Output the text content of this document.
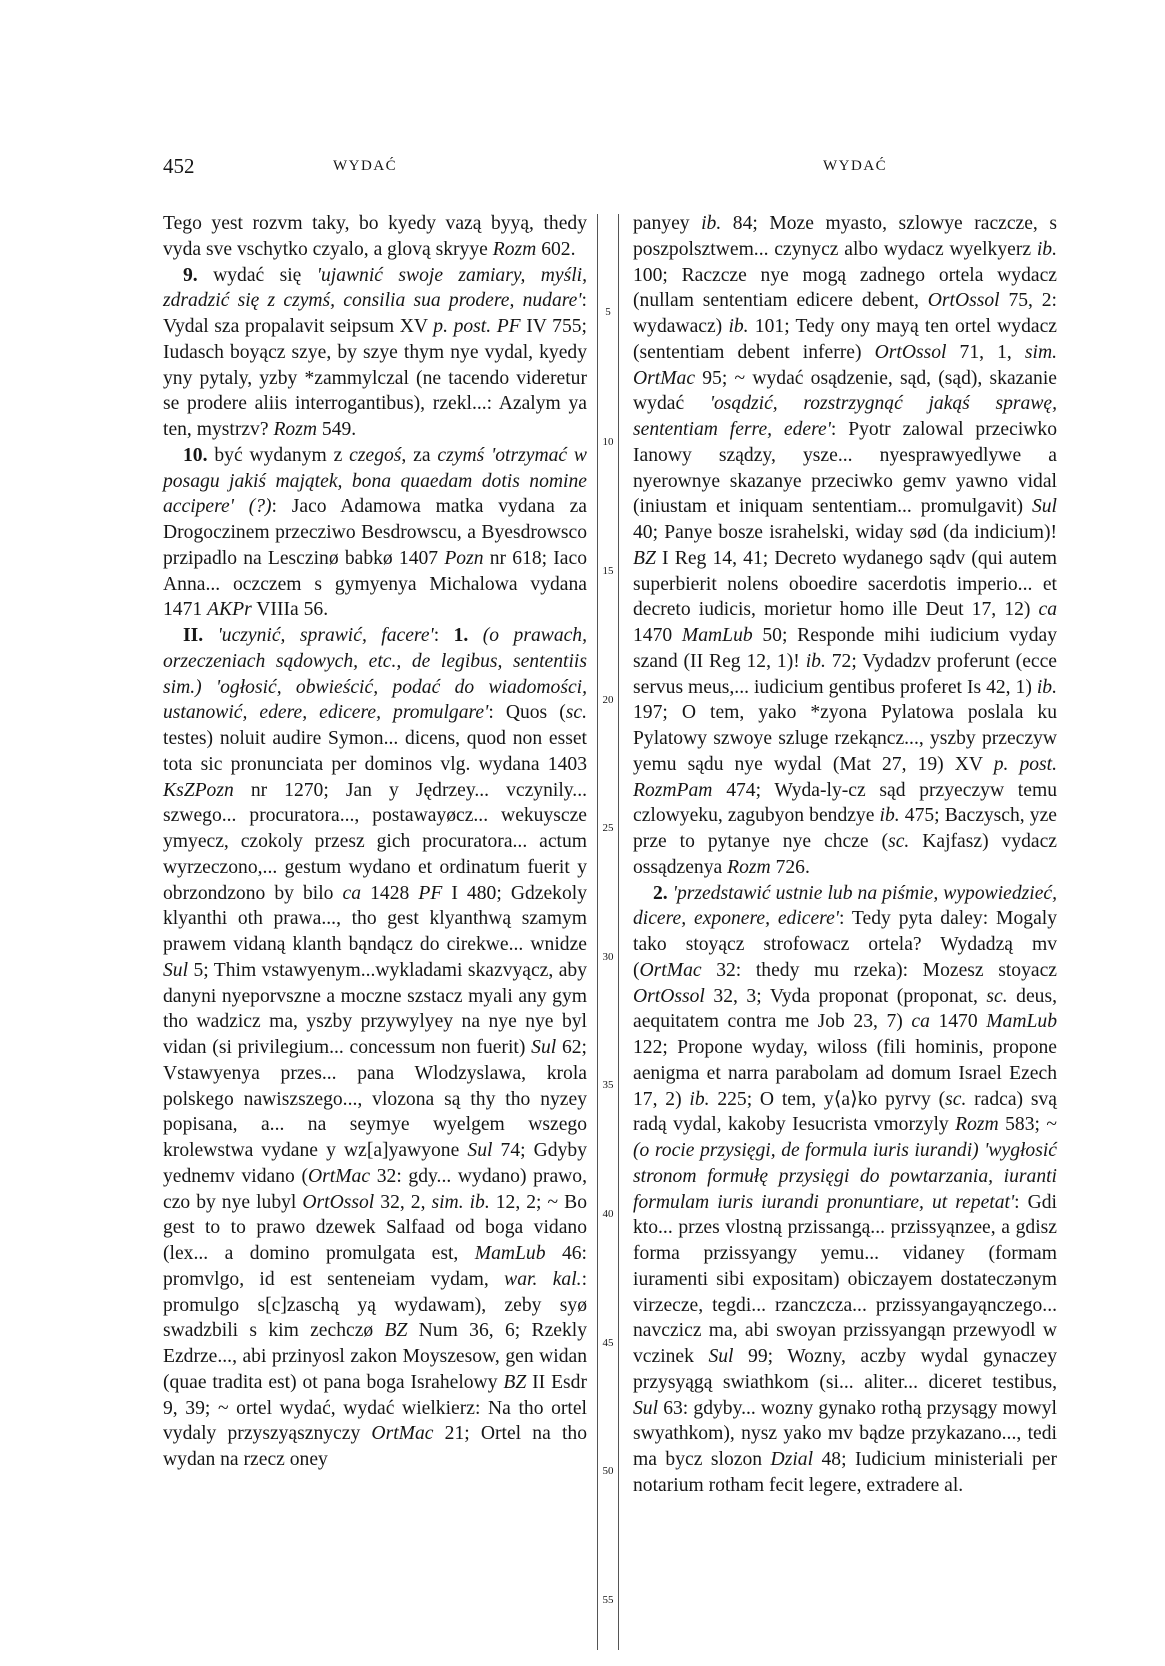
452	WYDAĆ	WYDAĆ

Tego yest rozvm taky, bo kyedy vazą byyą, thedy vyda sve vschytko czyalo, a glovą skryye Rozm 602.

9. wydać się 'ujawnić swoje zamiary, myśli, zdradzić się z czymś, consilia sua prodere, nudare': Vydal sza propalavit seipsum XV p. post. PF IV 755; Iudasch boyącz szye, by szye thym nye vydal, kyedy yny pytaly, yzby *zammylczal (ne tacendo videretur se prodere aliis interrogantibus), rzekl...: Azalym ya ten, mystrzv? Rozm 549.

10. być wydanym z czegoś, za czymś 'otrzymać w posagu jakiś majątek, bona quaedam dotis nomine accipere' (?): Jaco Adamowa matka vydana za Drogoczinem przecziwo Besdrowscu, a Byesdrowsco przipadlo na Lesczinø babkø 1407 Pozn nr 618; Iaco Anna... oczczem s gymyenya Michalowa vydana 1471 AKPr VIIIa 56.

II. 'uczynić, sprawić, facere': 1. (o prawach, orzeczeniach sądowych, etc., de legibus, sententiis sim.) 'ogłosić, obwieścić, podać do wiadomości, ustanowić, edere, edicere, promulgare': Quos (sc. testes) noluit audire Symon... dicens, quod non esset tota sic pronunciata per dominos vlg. wydana 1403 KsZPozn nr 1270; Jan y Jędrzey... vczynily... szwego... procuratora..., postawayøcz... wekuyscze ymyecz, czokoly przesz gich procuratora... actum wyrzeczono,... gestum wydano et ordinatum fuerit y obrzondzono by bilo ca 1428 PF I 480; Gdzekoly klyanthi oth prawa..., tho gest klyanthwą szamym prawem vidaną klanth bąndącz do cirekwe... wnidze Sul 5; Thim vstawyenym...wykladami skazvyącz, aby danyni nyeporvszne a moczne szstacz myali any gym tho wadzicz ma, yszby przywylyey na nye nye byl vidan (si privilegium... concessum non fuerit) Sul 62; Vstawyenya przes... pana Wlodzyslawa, krola polskego nawiszszego..., vlozona są thy tho nyzey popisana, a... na seymye wyelgem wszego krolewstwa vydane y wz[a]yawyone Sul 74; Gdyby yednemv vidano (OrtMac 32: gdy... wydano) prawo, czo by nye lubyl OrtOssol 32, 2, sim. ib. 12, 2; ~ Bo gest to to prawo dzewek Salfaad od boga vidano (lex... a domino promulgata est, MamLub 46: promvlgo, id est senteneiam vydam, war. kal.: promulgo s[c]zaschą yą wydawam), zeby syø swadzbili s kim zechczø BZ Num 36, 6; Rzekly Ezdrze..., abi przinyosl zakon Moyszesow, gen widan (quae tradita est) ot pana boga Israhelowy BZ II Esdr 9, 39; ~ ortel wydać, wydać wielkierz: Na tho ortel vydaly przyszyąsznyczy OrtMac 21; Ortel na tho wydan na rzecz oney

5
10
15
20
25
30
35
40
45
50
55

panyey ib. 84; Moze myasto, szlowye raczcze, s poszpolsztwem... czynycz albo wydacz wyelkyerz ib. 100; Raczcze nye mogą zadnego ortela wydacz (nullam sententiam edicere debent, OrtOssol 75, 2: wydawacz) ib. 101; Tedy ony mayą ten ortel wydacz (sententiam debent inferre) OrtOssol 71, 1, sim. OrtMac 95; ~ wydać osądzenie, sąd, (sąd), skazanie wydać 'osądzić, rozstrzygnąć jakąś sprawę, sententiam ferre, edere': Pyotr zalowal przeciwko Ianowy sządzy, ysze... nyesprawyedlywe a nyerownye skazanye przeciwko gemv yawno vidal (iniustam et iniquam sententiam... promulgavit) Sul 40; Panye bosze israhelski, widay sød (da indicium)! BZ I Reg 14, 41; Decreto wydanego sądv (qui autem superbierit nolens oboedire sacerdotis imperio... et decreto iudicis, morietur homo ille Deut 17, 12) ca 1470 MamLub 50; Responde mihi iudicium vyday szand (II Reg 12, 1)! ib. 72; Vydadzv proferunt (ecce servus meus,... iudicium gentibus proferet Is 42, 1) ib. 197; O tem, yako *zyona Pylatowa poslala ku Pylatowy szwoye szluge rzekąncz..., yszby przeczyw yemu sądu nye wydal (Mat 27, 19) XV p. post. RozmPam 474; Wyda-ly-cz sąd przyeczyw temu czlowyeku, zagubyon bendzye ib. 475; Baczysch, yze prze to pytanye nye chcze (sc. Kajfasz) vydacz ossądzenya Rozm 726.

2. 'przedstawić ustnie lub na piśmie, wypowiedzieć, dicere, exponere, edicere': Tedy pyta daley: Mogaly tako stoyącz strofowacz ortela? Wydadzą mv (OrtMac 32: thedy mu rzeka): Mozesz stoyacz OrtOssol 32, 3; Vyda proponat (proponat, sc. deus, aequitatem contra me Job 23, 7) ca 1470 MamLub 122; Propone wyday, wiloss (fili hominis, propone aenigma et narra parabolam ad domum Israel Ezech 17, 2) ib. 225; O tem, y⟨a⟩ko pyrvy (sc. radca) svą radą vydal, kakoby Iesucrista vmorzyly Rozm 583; ~ (o rocie przysięgi, de formula iuris iurandi) 'wygłosić stronom formułę przysięgi do powtarzania, iuranti formulam iuris iurandi pronuntiare, ut repetat': Gdi kto... przes vlostną przissangą... przissyąnzee, a gdisz forma przissyangy yemu... vidaney (formam iuramenti sibi expositam) obiczayem dostateczənym virzecze, tegdi... rzanczcza... przissyangayąnczego... navczicz ma, abi swoyan przissyangąn przewyodl w vczinek Sul 99; Wozny, aczby wydal gynaczey przysyągą swiathkom (si... aliter... diceret testibus, Sul 63: gdyby... wozny gynako rothą przysągy mowyl swyathkom), nysz yako mv bądze przykazano..., tedi ma bycz slozon Dzial 48; Iudicium ministeriali per notarium rotham fecit legere, extradere al.
